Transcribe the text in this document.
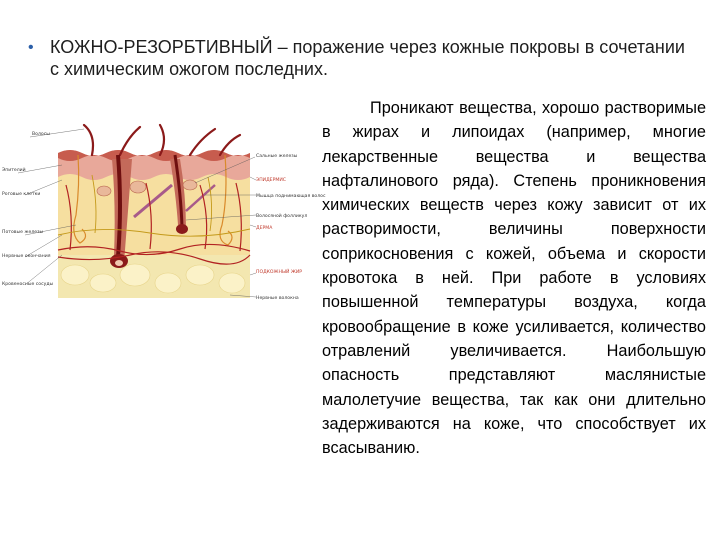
• КОЖНО-РЕЗОРБТИВНЫЙ – поражение через кожные покровы в сочетании с химическим ожогом последних.
Волосы
Эпителий
Роговые клетки
Потовые железы
Нервные окончания
Кровеносные сосуды
Сальные железы
ЭПИДЕРМИС
Мышца поднимающая волос
Волосяной фолликул
ДЕРМА
ПОДКОЖНЫЙ ЖИР
Нервные волокна

Проникают вещества, хорошо растворимые в жирах и липоидах (например, многие лекарственные вещества и вещества нафталинового ряда). Степень проникновения химических веществ через кожу зависит от их растворимости, величины поверхности соприкосновения с кожей, объема и скорости кровотока в ней. При работе в условиях повышенной температуры воздуха, когда кровообращение в коже усиливается, количество отравлений увеличивается. Наибольшую опасность представляют маслянистые малолетучие вещества, так как они длительно задерживаются на коже, что способствует их всасыванию.
